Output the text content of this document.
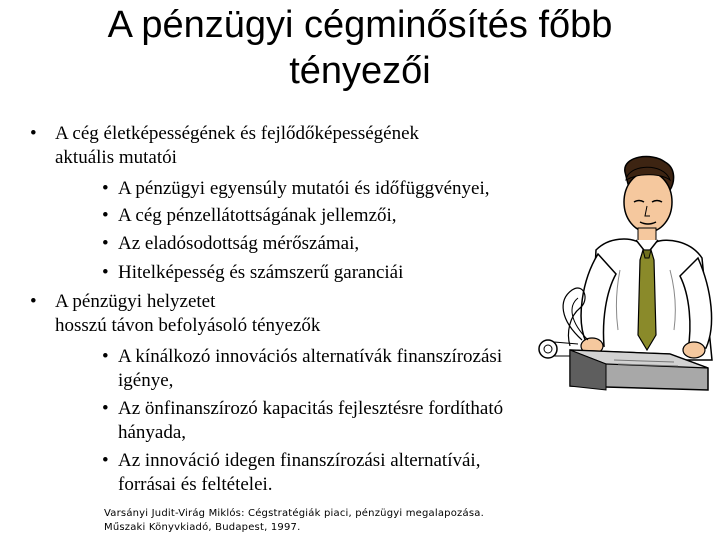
A pénzügyi cégminősítés főbb
tényezői
• A cég életképességének és fejlődőképességének
aktuális mutatói
• A pénzügyi egyensúly mutatói és időfüggvényei,
• A cég pénzellátottságának jellemzői,
• Az eladósodottság mérőszámai,
• Hitelképesség és számszerű garanciái
• A pénzügyi helyzetet
hosszú távon befolyásoló tényezők
• A kínálkozó innovációs alternatívák finanszírozási
igénye,
• Az önfinanszírozó kapacitás fejlesztésre fordítható
hányada,
• Az innováció idegen finanszírozási alternatívái,
forrásai és feltételei.
Varsányi Judit-Virág Miklós: Cégstratégiák piaci, pénzügyi megalapozása.
Műszaki Könyvkiadó, Budapest, 1997.
